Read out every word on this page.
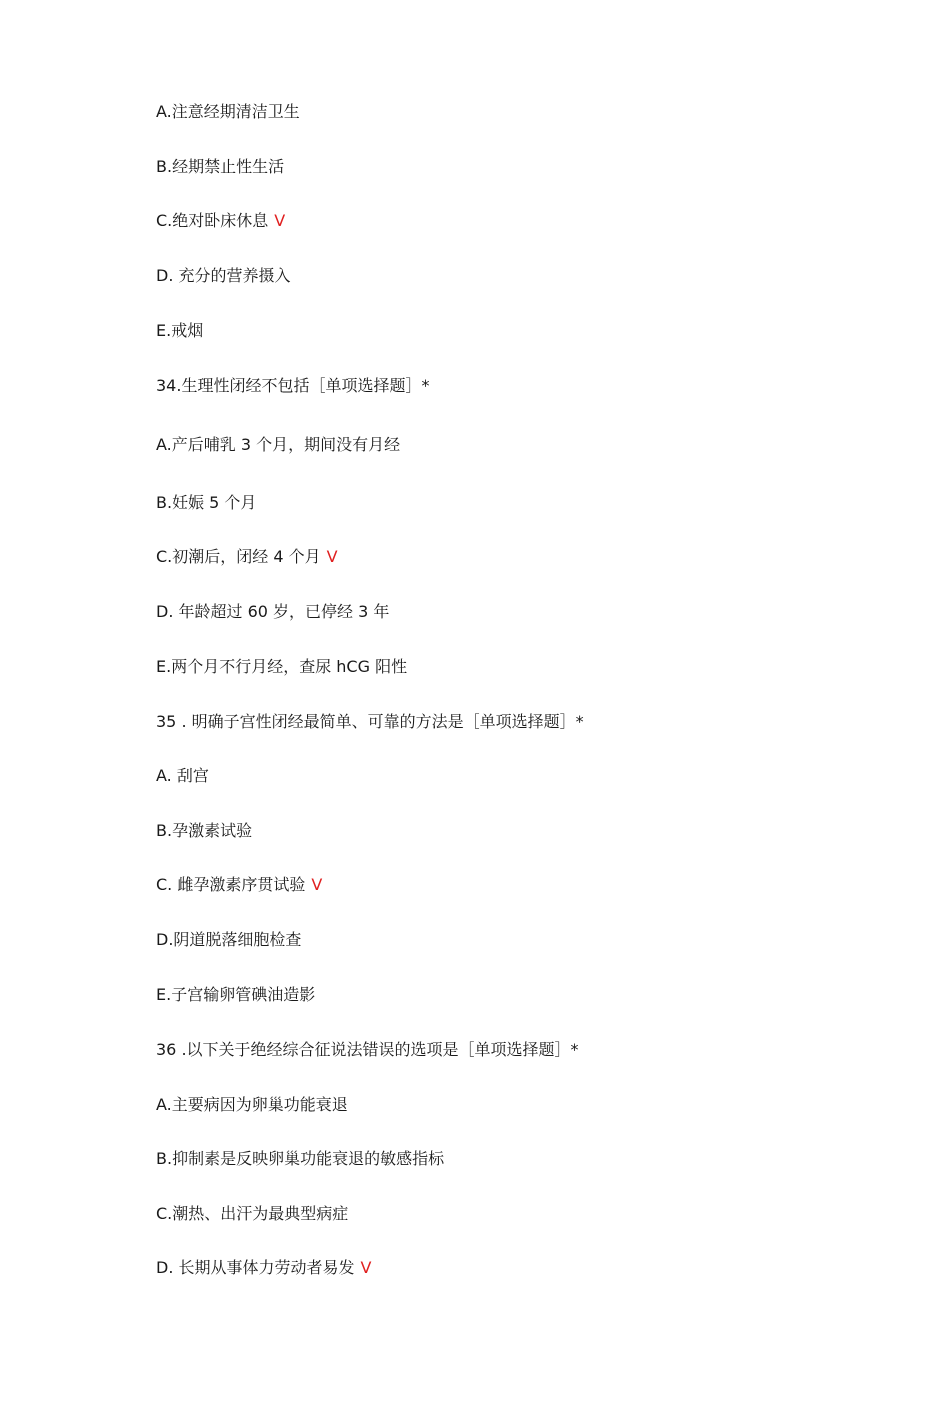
A.注意经期清洁卫生
B.经期禁止性生活
C.绝对卧床休息 V
D. 充分的营养摄入
E.戒烟
34.生理性闭经不包括［单项选择题］*
A.产后哺乳 3 个月，期间没有月经
B.妊娠 5 个月
C.初潮后，闭经 4 个月 V
D. 年龄超过 60 岁，已停经 3 年
E.两个月不行月经，查尿 hCG 阳性
35 . 明确子宫性闭经最简单、可靠的方法是［单项选择题］*
A. 刮宫
B.孕激素试验
C. 雌孕激素序贯试验 V
D.阴道脱落细胞检查
E.子宫输卵管碘油造影
36 .以下关于绝经综合征说法错误的选项是［单项选择题］*
A.主要病因为卵巢功能衰退
B.抑制素是反映卵巢功能衰退的敏感指标
C.潮热、出汗为最典型病症
D. 长期从事体力劳动者易发 V
